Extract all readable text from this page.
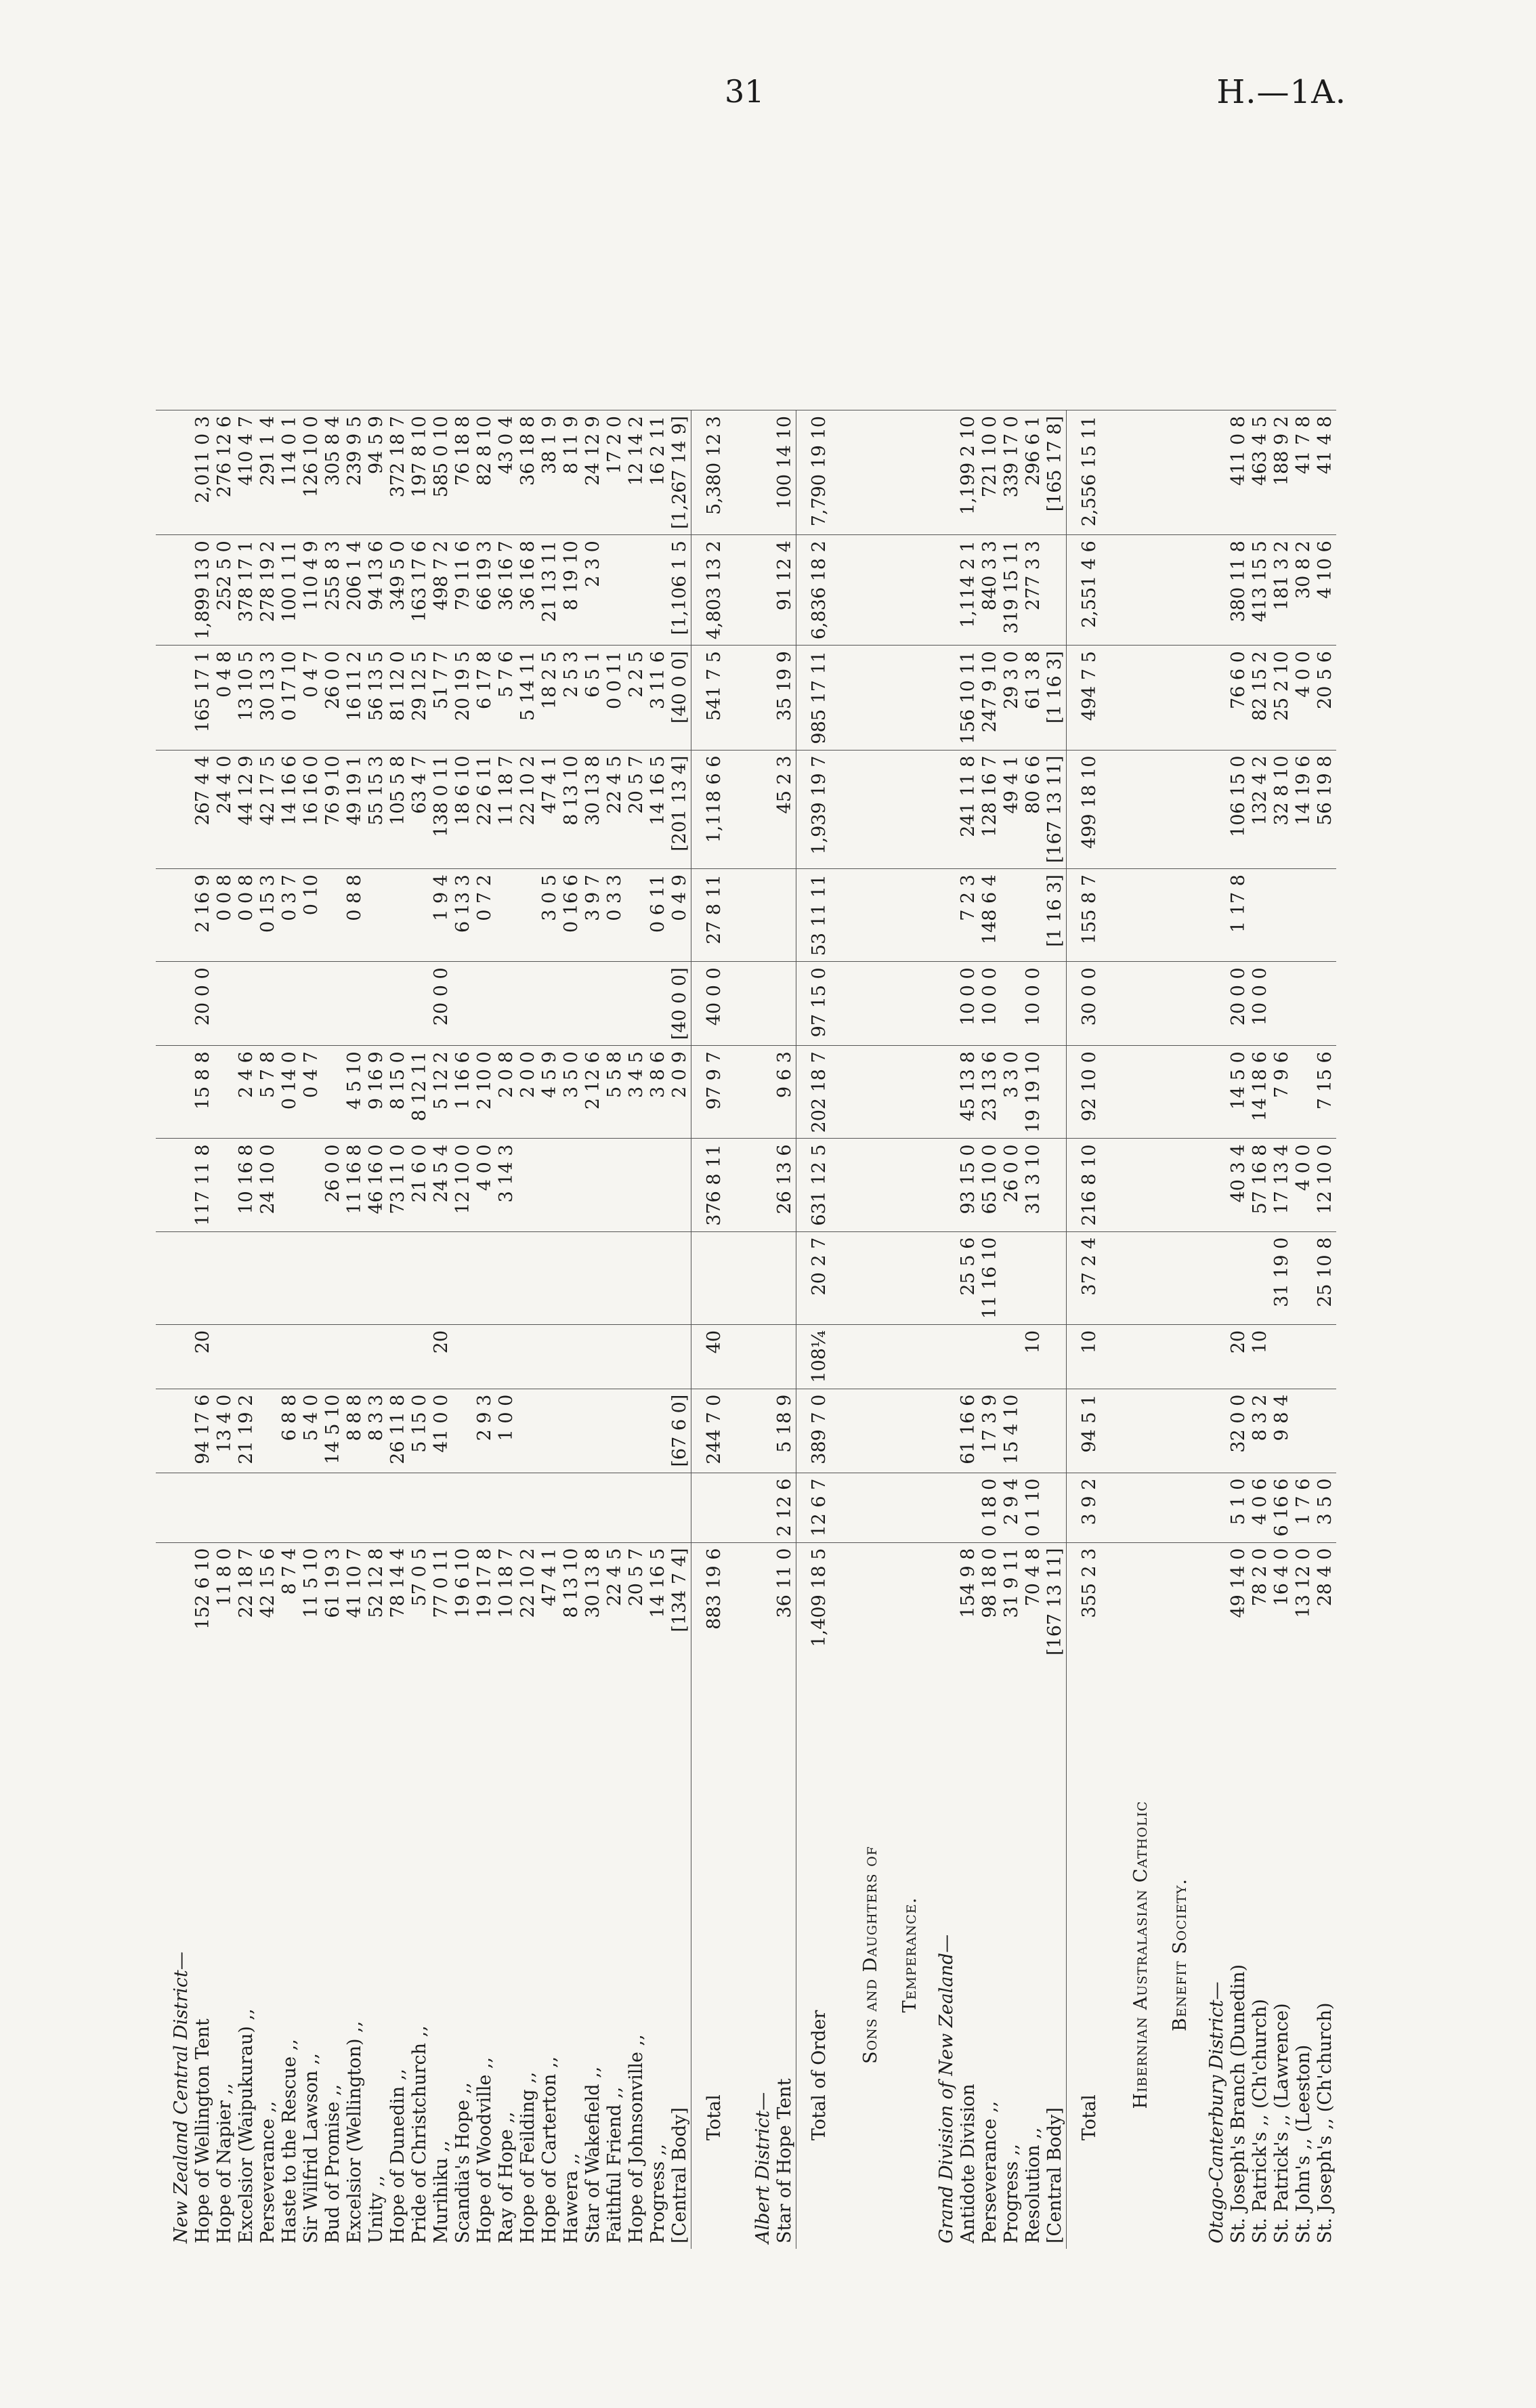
31	H.—1A.
New Zealand Central District—													
Hope of Wellington Tent	152 6 10		94 17 6	20		117 11 8	15 8 8	20 0 0	2 16 9	267 4 4	165 17 1	1,899 13 0	2,011 0 3
Hope of Napier ,,	11 8 0		13 4 0						0 0 8	24 4 0	0 4 8	252 5 0	276 12 6
Excelsior (Waipukurau) ,,	22 18 7		21 19 2			10 16 8	2 4 6		0 0 8	44 12 9	13 10 5	378 17 1	410 4 7
Perseverance ,,	42 15 6					24 10 0	5 7 8		0 15 3	42 17 5	30 13 3	278 19 2	291 1 4
Haste to the Rescue ,,	8 7 4		6 8 8				0 14 0		0 3 7	14 16 6	0 17 10	100 1 11	114 0 1
Sir Wilfrid Lawson ,,	11 5 10		5 4 0				0 4 7		0 10	16 16 0	0 4 7	110 4 9	126 10 0
Bud of Promise ,,	61 19 3		14 5 10			26 0 0				76 9 10	26 0 0	255 8 3	305 8 4
Excelsior (Wellington) ,,	41 10 7		8 8 8			11 16 8	4 5 10		0 8 8	49 19 1	16 11 2	206 1 4	239 9 5
Unity ,,	52 12 8		8 3 3			46 16 0	9 16 9			55 15 3	56 13 5	94 13 6	94 5 9
Hope of Dunedin ,,	78 14 4		26 11 8			73 11 0	8 15 0			105 5 8	81 12 0	349 5 0	372 18 7
Pride of Christchurch ,,	57 0 5		5 15 0			21 6 0	8 12 11			63 4 7	29 12 5	163 17 6	197 8 10
Murihiku ,,	77 0 11		41 0 0	20		24 5 4	5 12 2	20 0 0	1 9 4	138 0 11	51 7 7	498 7 2	585 0 10
Scandia's Hope ,,	19 6 10					12 10 0	1 16 6		6 13 3	18 6 10	20 19 5	79 11 6	76 18 8
Hope of Woodville ,,	19 17 8		2 9 3			4 0 0	2 10 0		0 7 2	22 6 11	6 17 8	66 19 3	82 8 10
Ray of Hope ,,	10 18 7		1 0 0			3 14 3	2 0 8			11 18 7	5 7 6	36 16 7	43 0 4
Hope of Feilding ,,	22 10 2						2 0 0			22 10 2	5 14 11	36 16 8	36 18 8
Hope of Carterton ,,	47 4 1						4 5 9		3 0 5	47 4 1	18 2 5	21 13 11	38 1 9
Hawera ,,	8 13 10						3 5 0		0 16 6	8 13 10	2 5 3	8 19 10	8 11 9
Star of Wakefield ,,	30 13 8						2 12 6		3 9 7	30 13 8	6 5 1	2 3 0	24 12 9
Faithful Friend ,,	22 4 5						5 5 8		0 3 3	22 4 5	0 0 11		17 2 0
Hope of Johnsonville ,,	20 5 7						3 4 5			20 5 7	2 2 5		12 14 2
Progress ,,	14 16 5						3 8 6		0 6 11	14 16 5	3 11 6		16 2 11
[Central Body]	[134 7 4]		[67 6 0]				2 0 9	[40 0 0]	0 4 9	[201 13 4]	[40 0 0]	[1,106 1 5	[1,267 14 9]
Total	883 19 6		244 7 0	40		376 8 11	97 9 7	40 0 0	27 8 11	1,118 6 6	541 7 5	4,803 13 2	5,380 12 3
Albert District—													
Star of Hope Tent	36 11 0	2 12 6	5 18 9			26 13 6	9 6 3			45 2 3	35 19 9	91 12 4	100 14 10
Total of Order	1,409 18 5	12 6 7	389 7 0	108¼	20 2 7	631 12 5	202 18 7	97 15 0	53 11 11	1,939 19 7	985 17 11	6,836 18 2	7,790 19 10
Sons and Daughters of													
Temperance.													
Grand Division of New Zealand—													
Antidote Division	154 9 8		61 16 6		25 5 6	93 15 0	45 13 8	10 0 0	7 2 3	241 11 8	156 10 11	1,114 2 1	1,199 2 10
Perseverance ,,	98 18 0	0 18 0	17 3 9		11 16 10	65 10 0	23 13 6	10 0 0	148 6 4	128 16 7	247 9 10	840 3 3	721 10 0
Progress ,,	31 9 11	2 9 4	15 4 10			26 0 0	3 3 0			49 4 1	29 3 0	319 15 11	339 17 0
Resolution ,,	70 4 8	0 1 10		10		31 3 10	19 19 10	10 0 0		80 6 6	61 3 8	277 3 3	296 6 1
[Central Body]	[167 13 11]								[1 16 3]	[167 13 11]	[1 16 3]		[165 17 8]
Total	355 2 3	3 9 2	94 5 1	10	37 2 4	216 8 10	92 10 0	30 0 0	155 8 7	499 18 10	494 7 5	2,551 4 6	2,556 15 11
Hibernian Australasian Catholic													
Benefit Society.													
Otago-Canterbury District—													
St. Joseph's Branch (Dunedin)	49 14 0	5 1 0	32 0 0	20		40 3 4	14 5 0	20 0 0	1 17 8	106 15 0	76 6 0	380 11 8	411 0 8
St. Patrick's ,, (Ch'church)	78 2 0	4 0 6	8 3 2	10		57 16 8	14 18 6	10 0 0		132 4 2	82 15 2	413 15 5	463 4 5
St. Patrick's ,, (Lawrence)	16 4 0	6 16 6	9 8 4		31 19 0	17 13 4	7 9 6			32 8 10	25 2 10	181 3 2	188 9 2
St. John's ,, (Leeston)	13 12 0	1 7 6				4 0 0				14 19 6	4 0 0	30 8 2	41 7 8
St. Joseph's ,, (Ch'church)	28 4 0	3 5 0			25 10 8	12 10 0	7 15 6			56 19 8	20 5 6	4 10 6	41 4 8
